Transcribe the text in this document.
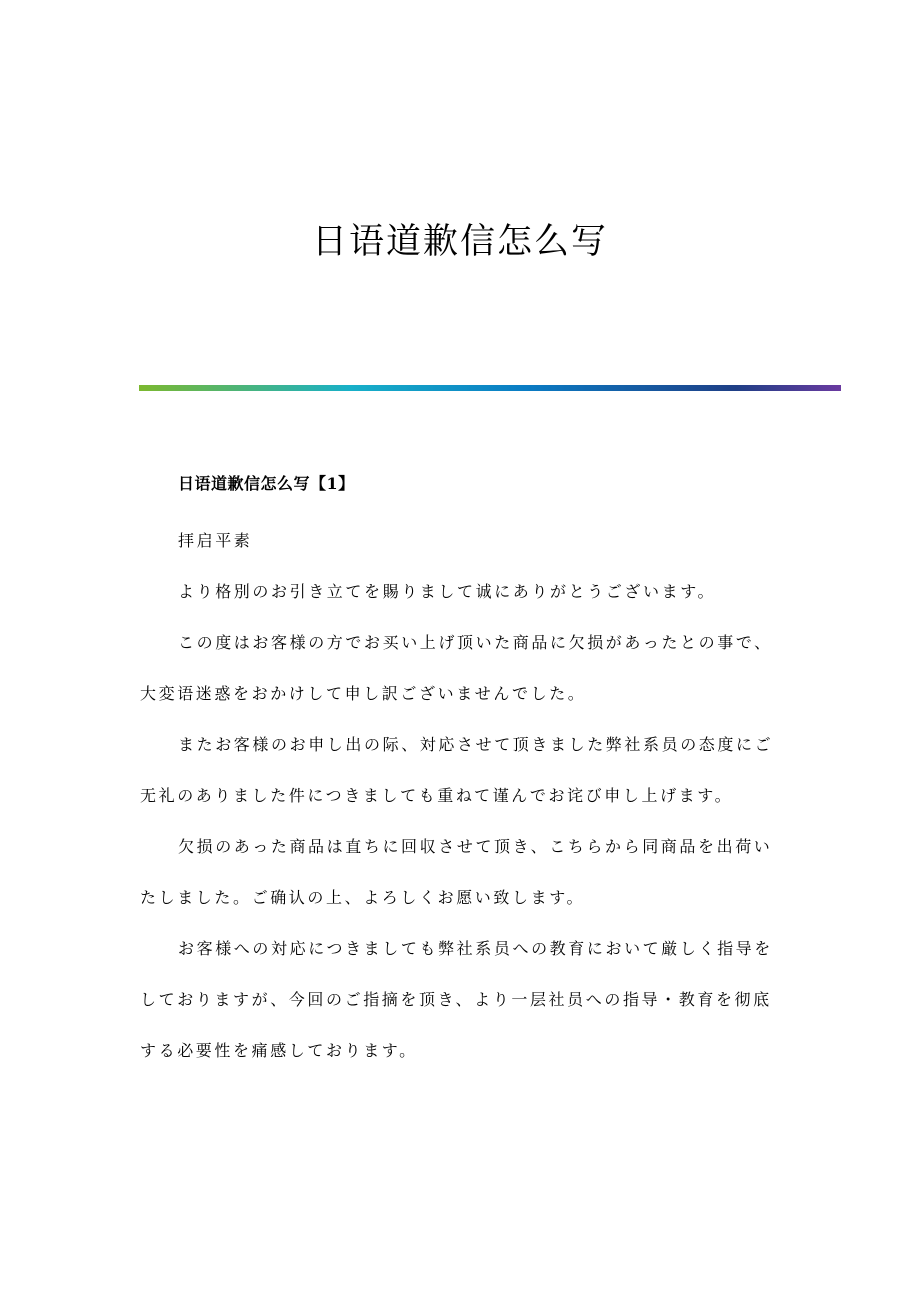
日语道歉信怎么写
日语道歉信怎么写【1】
拝启平素
より格別のお引き立てを賜りまして诚にありがとうございます。
この度はお客様の方でお买い上げ顶いた商品に欠损があったとの事で、
大変语迷惑をおかけして申し訳ございませんでした。
またお客様のお申し出の际、対応させて顶きました弊社系员の态度にご
无礼のありました件につきましても重ねて谨んでお诧び申し上げます。
欠损のあった商品は直ちに回収させて顶き、こちらから同商品を出荷い
たしました。ご确认の上、よろしくお愿い致します。
お客様への対応につきましても弊社系员への教育において厳しく指导を
しておりますが、今回のご指摘を顶き、より一层社员への指导・教育を彻底
する必要性を痛感しております。
